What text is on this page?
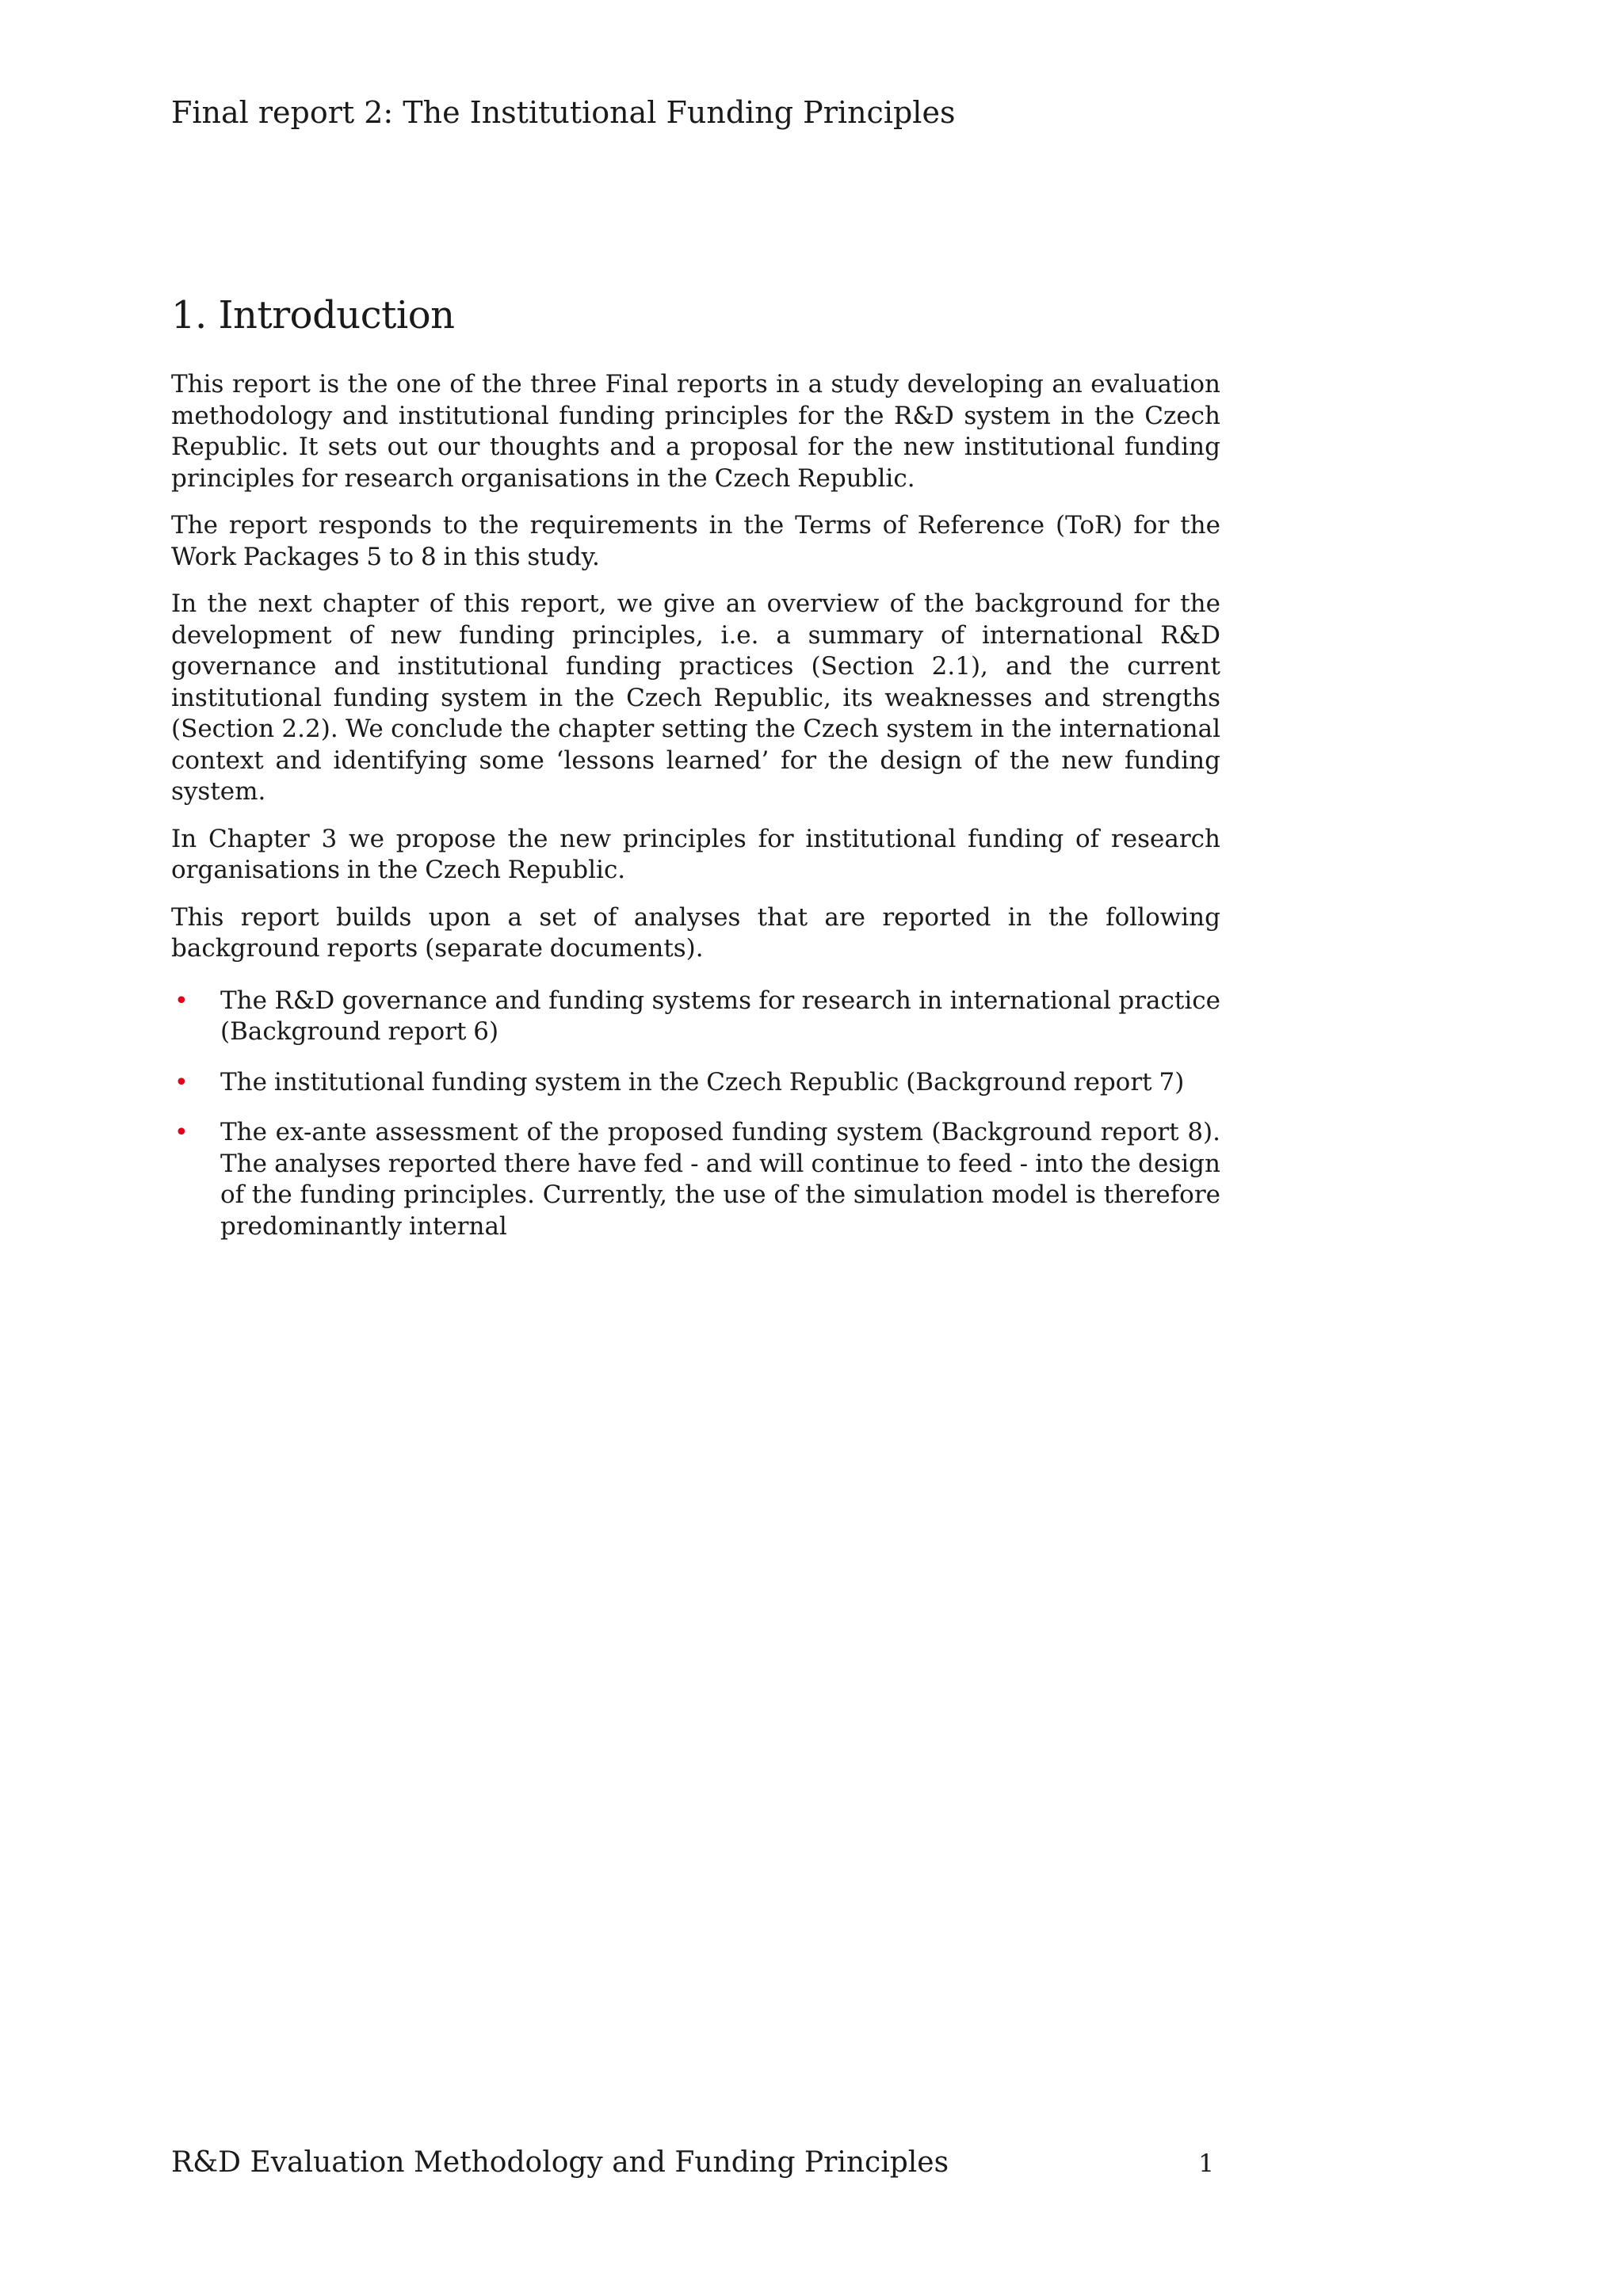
Final report 2: The Institutional Funding Principles
1. Introduction

This report is the one of the three Final reports in a study developing an evaluation methodology and institutional funding principles for the R&D system in the Czech Republic. It sets out our thoughts and a proposal for the new institutional funding principles for research organisations in the Czech Republic.

The report responds to the requirements in the Terms of Reference (ToR) for the Work Packages 5 to 8 in this study.

In the next chapter of this report, we give an overview of the background for the development of new funding principles, i.e. a summary of international R&D governance and institutional funding practices (Section 2.1), and the current institutional funding system in the Czech Republic, its weaknesses and strengths (Section 2.2). We conclude the chapter setting the Czech system in the international context and identifying some ‘lessons learned’ for the design of the new funding system.

In Chapter 3 we propose the new principles for institutional funding of research organisations in the Czech Republic.

This report builds upon a set of analyses that are reported in the following background reports (separate documents).

• The R&D governance and funding systems for research in international practice (Background report 6)
• The institutional funding system in the Czech Republic (Background report 7)
• The ex-ante assessment of the proposed funding system (Background report 8). The analyses reported there have fed - and will continue to feed - into the design of the funding principles. Currently, the use of the simulation model is therefore predominantly internal
R&D Evaluation Methodology and Funding Principles	1
